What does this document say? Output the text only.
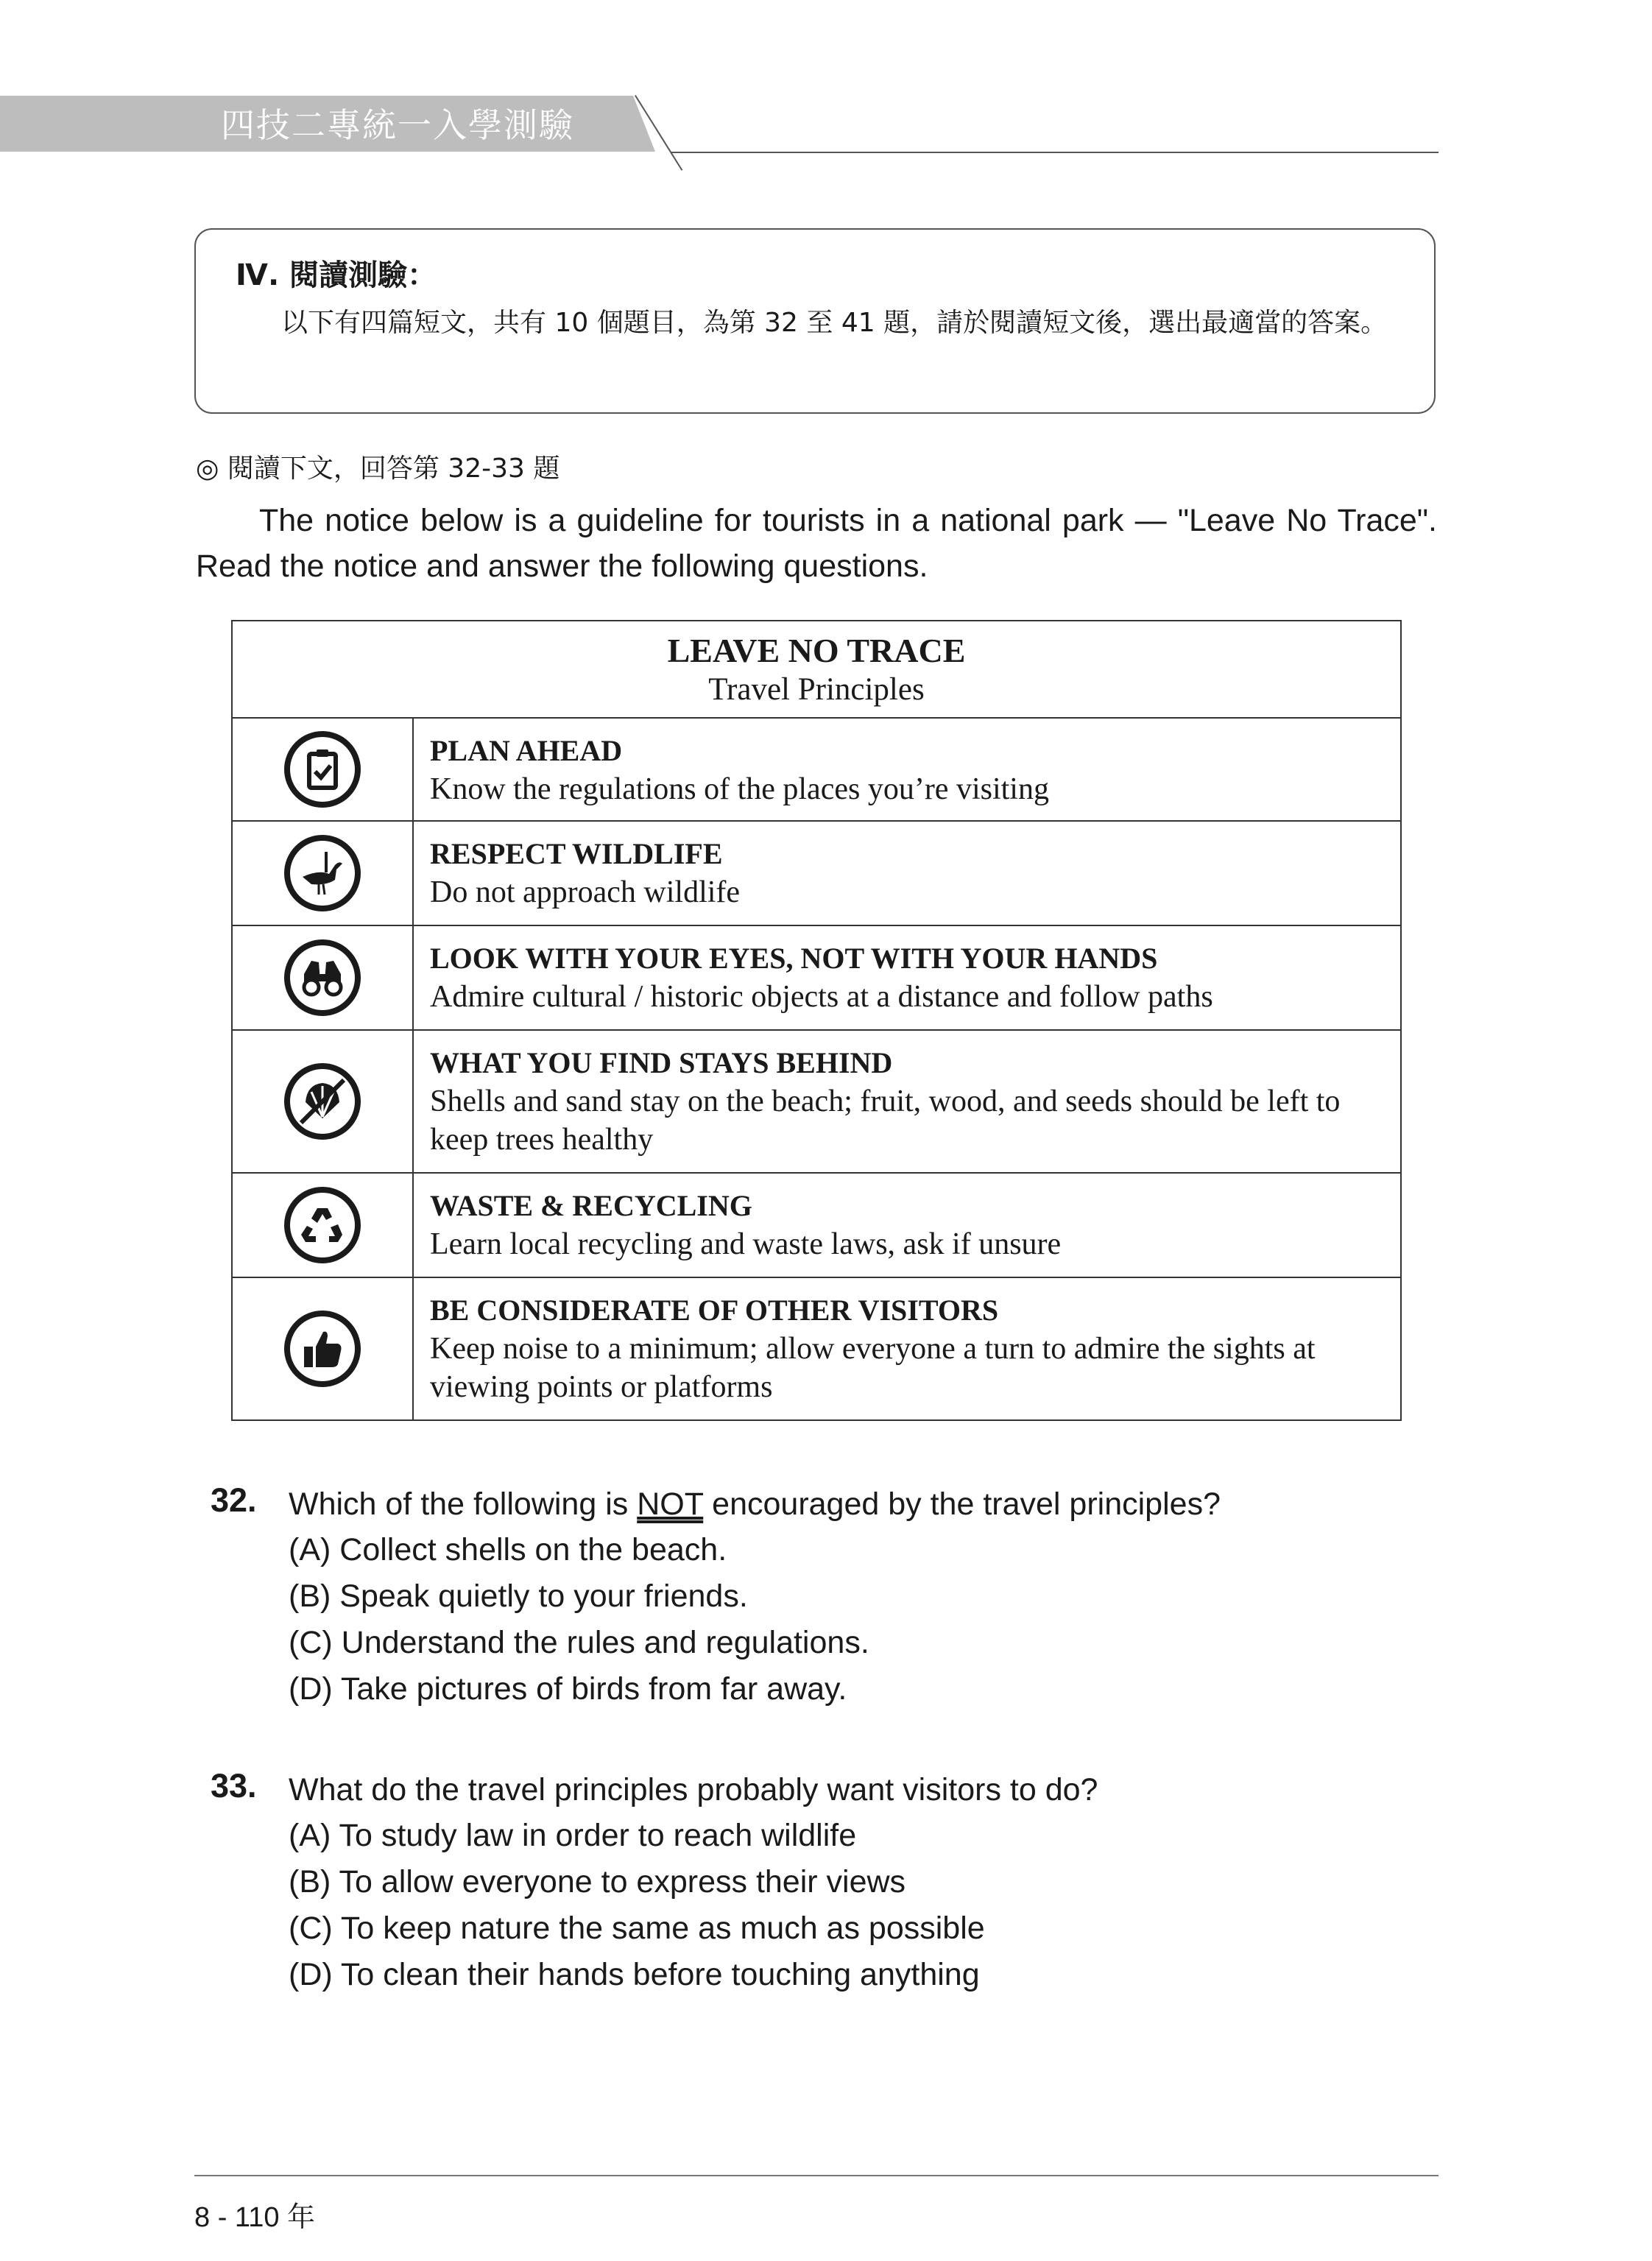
四技二專統一入學測驗
Ⅳ. 閱讀測驗：
以下有四篇短文，共有 10 個題目，為第 32 至 41 題，請於閱讀短文後，選出最適當的答案。
◎ 閱讀下文，回答第 32-33 題
The notice below is a guideline for tourists in a national park — "Leave No Trace". Read the notice and answer the following questions.
LEAVE NO TRACE
Travel Principles	

PLAN AHEAD
Know the regulations of the places you’re visiting

RESPECT WILDLIFE
Do not approach wildlife

LOOK WITH YOUR EYES, NOT WITH YOUR HANDS
Admire cultural / historic objects at a distance and follow paths

WHAT YOU FIND STAYS BEHIND
Shells and sand stay on the beach; fruit, wood, and seeds should be left to keep trees healthy

WASTE & RECYCLING
Learn local recycling and waste laws, ask if unsure

BE CONSIDERATE OF OTHER VISITORS
Keep noise to a minimum; allow everyone a turn to admire the sights at viewing points or platforms
32. Which of the following is NOT encouraged by the travel principles?
(A) Collect shells on the beach.
(B) Speak quietly to your friends.
(C) Understand the rules and regulations.
(D) Take pictures of birds from far away.
33. What do the travel principles probably want visitors to do?
(A) To study law in order to reach wildlife
(B) To allow everyone to express their views
(C) To keep nature the same as much as possible
(D) To clean their hands before touching anything
8 - 110 年
